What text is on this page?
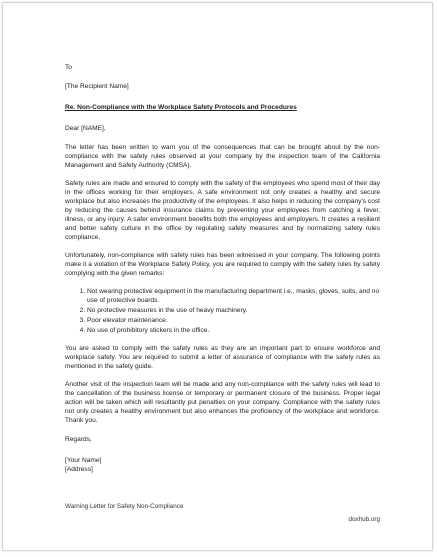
To

[The Recipient Name]

Re. Non-Compliance with the Workplace Safety Protocols and Procedures

Dear [NAME],

The letter has been written to warn you of the consequences that can be brought about by the non-compliance with the safety rules observed at your company by the inspection team of the California Management and Safety Authority (CMSA).

Safety rules are made and ensured to comply with the safety of the employees who spend most of their day in the offices working for their employers. A safe environment not only creates a healthy and secure workplace but also increases the productivity of the employees. It also helps in reducing the company's cost by reducing the causes behind insurance claims by preventing your employees from catching a fever, illness, or any injury. A safer environment benefits both the employees and employers. It creates a resilient and better safety culture in the office by regulating safety measures and by normalizing safety rules compliance.

Unfortunately, non-compliance with safety rules has been witnessed in your company. The following points make it a violation of the Workplace Safety Policy, you are required to comply with the safety rules by safety complying with the given remarks:

1. Not wearing protective equipment in the manufacturing department i.e., masks, gloves, suits, and no use of protective boards.
2. No protective measures in the use of heavy machinery.
3. Poor elevator maintenance.
4. No use of prohibitory stickers in the office.

You are asked to comply with the safety rules as they are an important part to ensure workforce and workplace safety. You are required to submit a letter of assurance of compliance with the safety rules as mentioned in the safety guide.

Another visit of the inspection team will be made and any non-compliance with the safety rules will lead to the cancellation of the business license or temporary or permanent closure of the business. Proper legal action will be taken which will resultantly put penalties on your company. Compliance with the safety rules not only creates a healthy environment but also enhances the proficiency of the workplace and workforce. Thank you.

Regards,

[Your Name]

[Address]

Warning Letter for Safety Non-Compliance
doxhub.org
